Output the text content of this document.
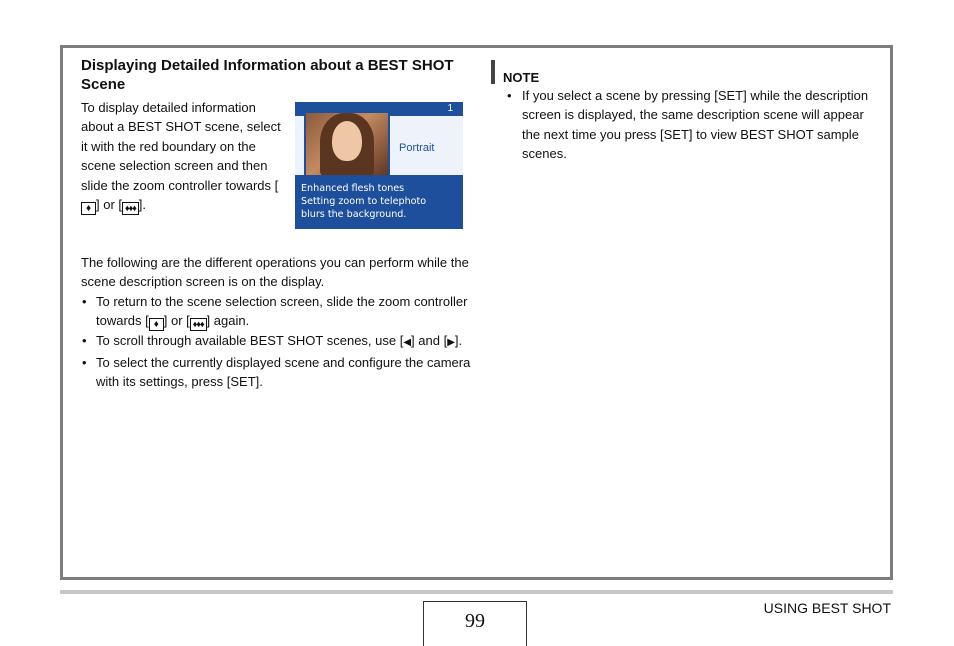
Displaying Detailed Information about a BEST SHOT Scene

To display detailed information about a BEST SHOT scene, select it with the red boundary on the scene selection screen and then slide the zoom controller towards [♦ ] or [ ♦♦♦ ].

1
Portrait
Enhanced flesh tones
Setting zoom to telephoto
blurs the background.

The following are the different operations you can perform while the scene description screen is on the display.

• To return to the scene selection screen, slide the zoom controller towards [ ♦ ] or [ ♦♦♦ ] again.
• To scroll through available BEST SHOT scenes, use [◀] and [▶].
• To select the currently displayed scene and configure the camera with its settings, press [SET].
NOTE
• If you select a scene by pressing [SET] while the description screen is displayed, the same description scene will appear the next time you press [SET] to view BEST SHOT sample scenes.
99
USING BEST SHOT
